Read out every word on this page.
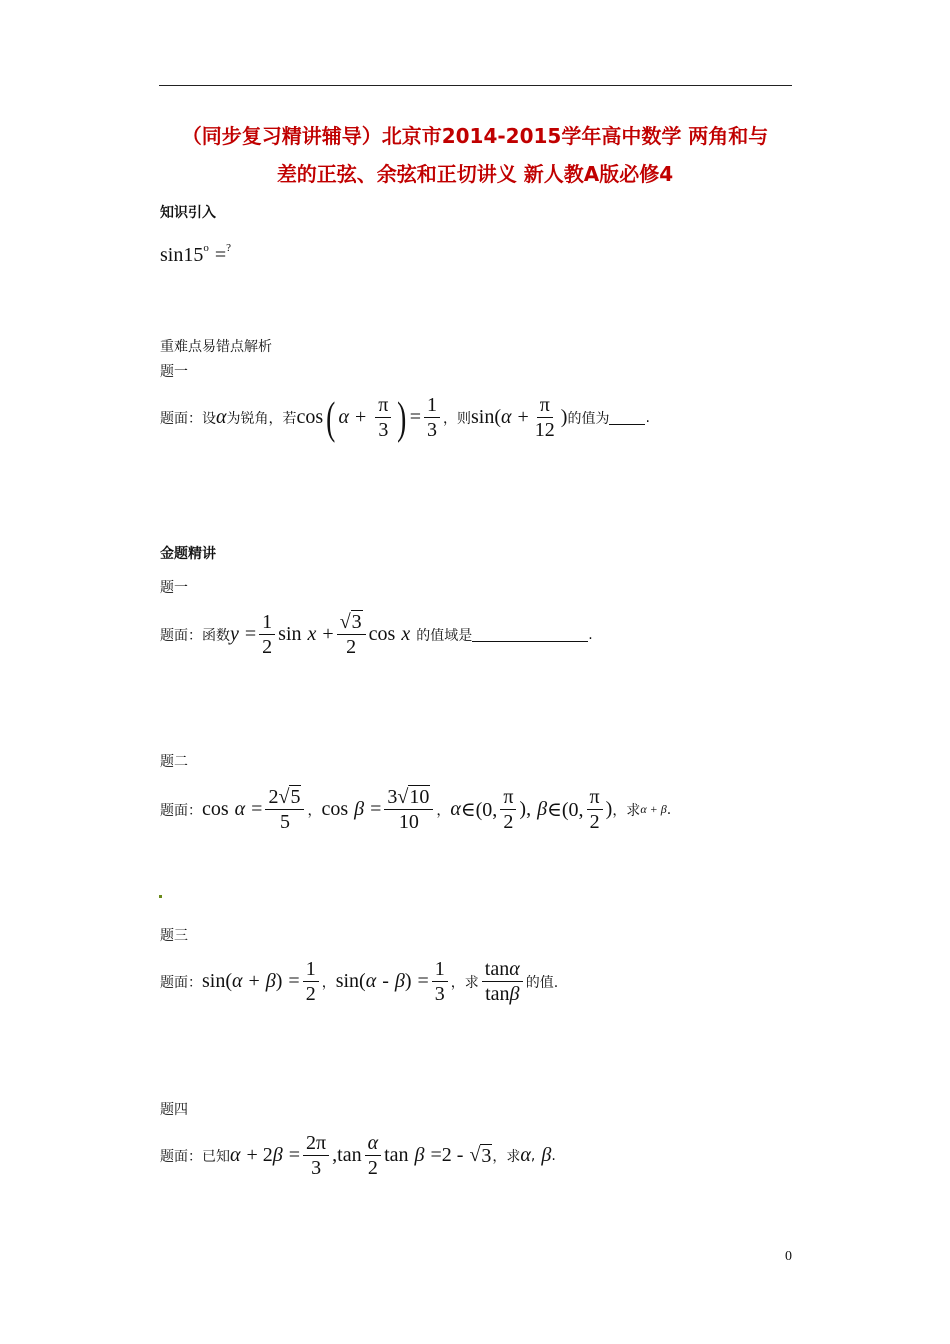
（同步复习精讲辅导）北京市2014-2015学年高中数学 两角和与
差的正弦、余弦和正切讲义 新人教A版必修4
知识引入
sin15 o = ?
重难点易错点解析
题一
题面： 设 α 为锐角，若 cos ( $\alpha + \frac{\pi}{3}$ ) = $\frac{1}{3}$ ，则 sin( $\alpha + \frac{\pi}{12}$ ) 的值为	.
金题精讲
题一
题面： 函数 $y = \frac{1}{2}$ $\sin x + \frac{√ 3}{2}$ cos x 的值域是	.
题二
题面： $\cos \alpha = \frac{2 √ 5}{5}$ ， $\cos \beta = \frac{3 √ 10}{10}$ ， α ∈(0, $\frac{\pi}{2}$ ), β ∈(0, $\frac{\pi}{2}$ ) ，求 α + β .
题三
题面： sin( α + β ) = $\frac{1}{2}$ ， sin( α - β ) = $\frac{1}{3}$ ，求 $\frac{\tan\alpha}{\tan\beta}$ 的值.
题四
题面： 已知 α + 2 $\beta = \frac{2\pi}{3}$ , $\tan \frac{\alpha}{2}$ tan β =2 - √ 3 ，求 α , β .
0
